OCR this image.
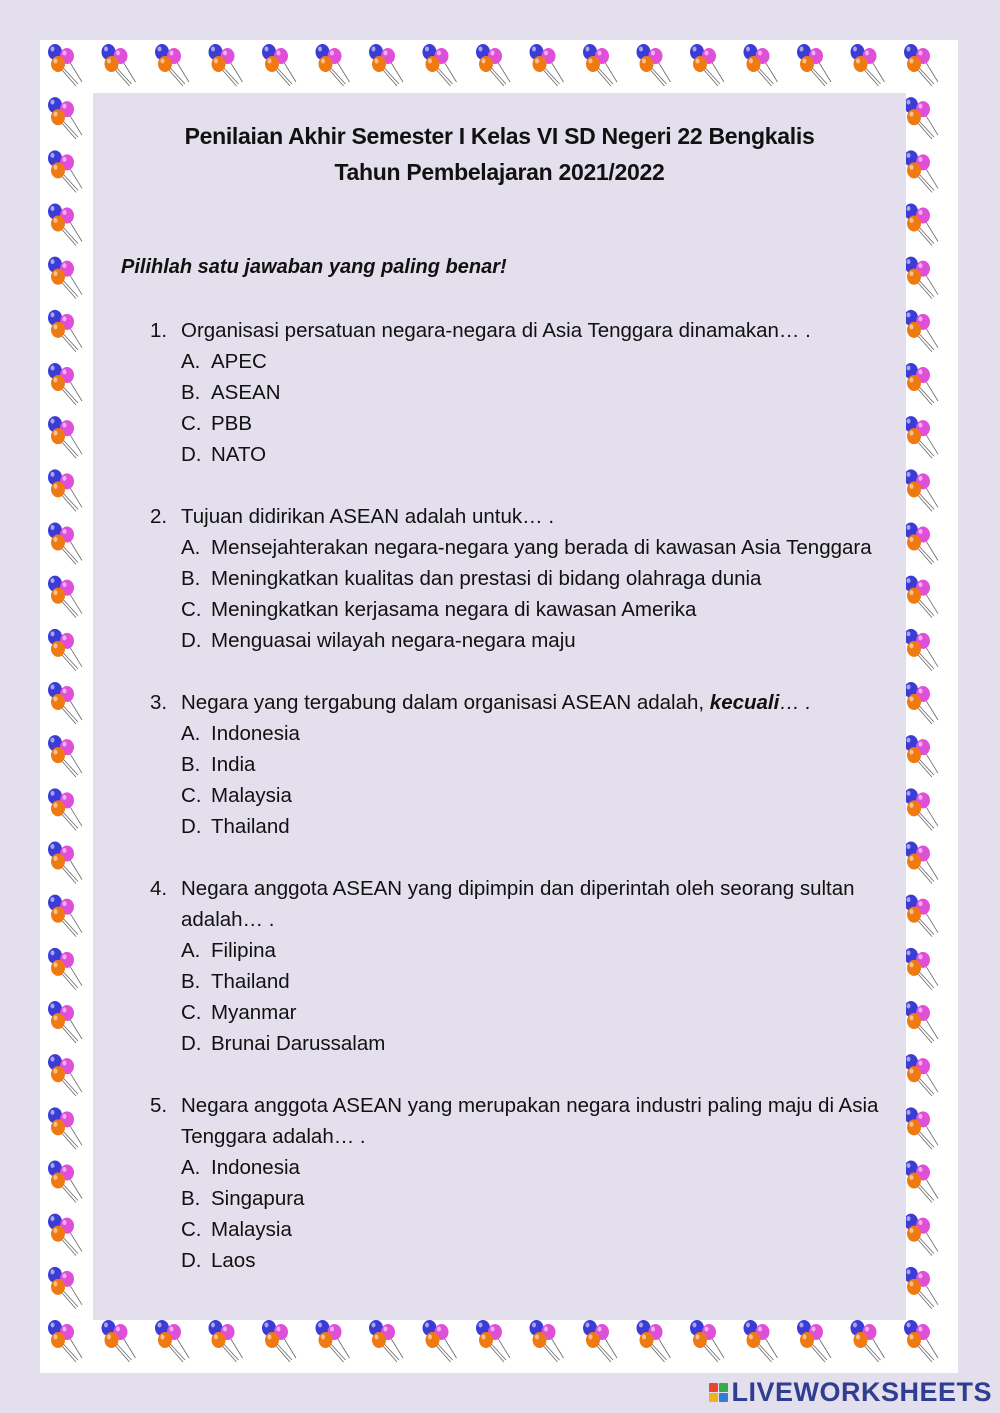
Penilaian Akhir Semester I Kelas VI SD Negeri 22 Bengkalis
Tahun Pembelajaran 2021/2022
Pilihlah satu jawaban yang paling benar!
1. Organisasi persatuan negara-negara di Asia Tenggara dinamakan… .
A. APEC
B. ASEAN
C. PBB
D. NATO
2. Tujuan didirikan ASEAN adalah untuk… .
A. Mensejahterakan negara-negara yang berada di kawasan Asia Tenggara
B. Meningkatkan kualitas dan prestasi di bidang olahraga dunia
C. Meningkatkan kerjasama negara di kawasan Amerika
D. Menguasai wilayah negara-negara maju
3. Negara yang tergabung dalam organisasi ASEAN adalah, kecuali… .
A. Indonesia
B. India
C. Malaysia
D. Thailand
4. Negara anggota ASEAN yang dipimpin dan diperintah oleh seorang sultan
adalah… .
A. Filipina
B. Thailand
C. Myanmar
D. Brunai Darussalam
5. Negara anggota ASEAN yang merupakan negara industri paling maju di Asia
Tenggara adalah… .
A. Indonesia
B. Singapura
C. Malaysia
D. Laos
LIVEWORKSHEETS
